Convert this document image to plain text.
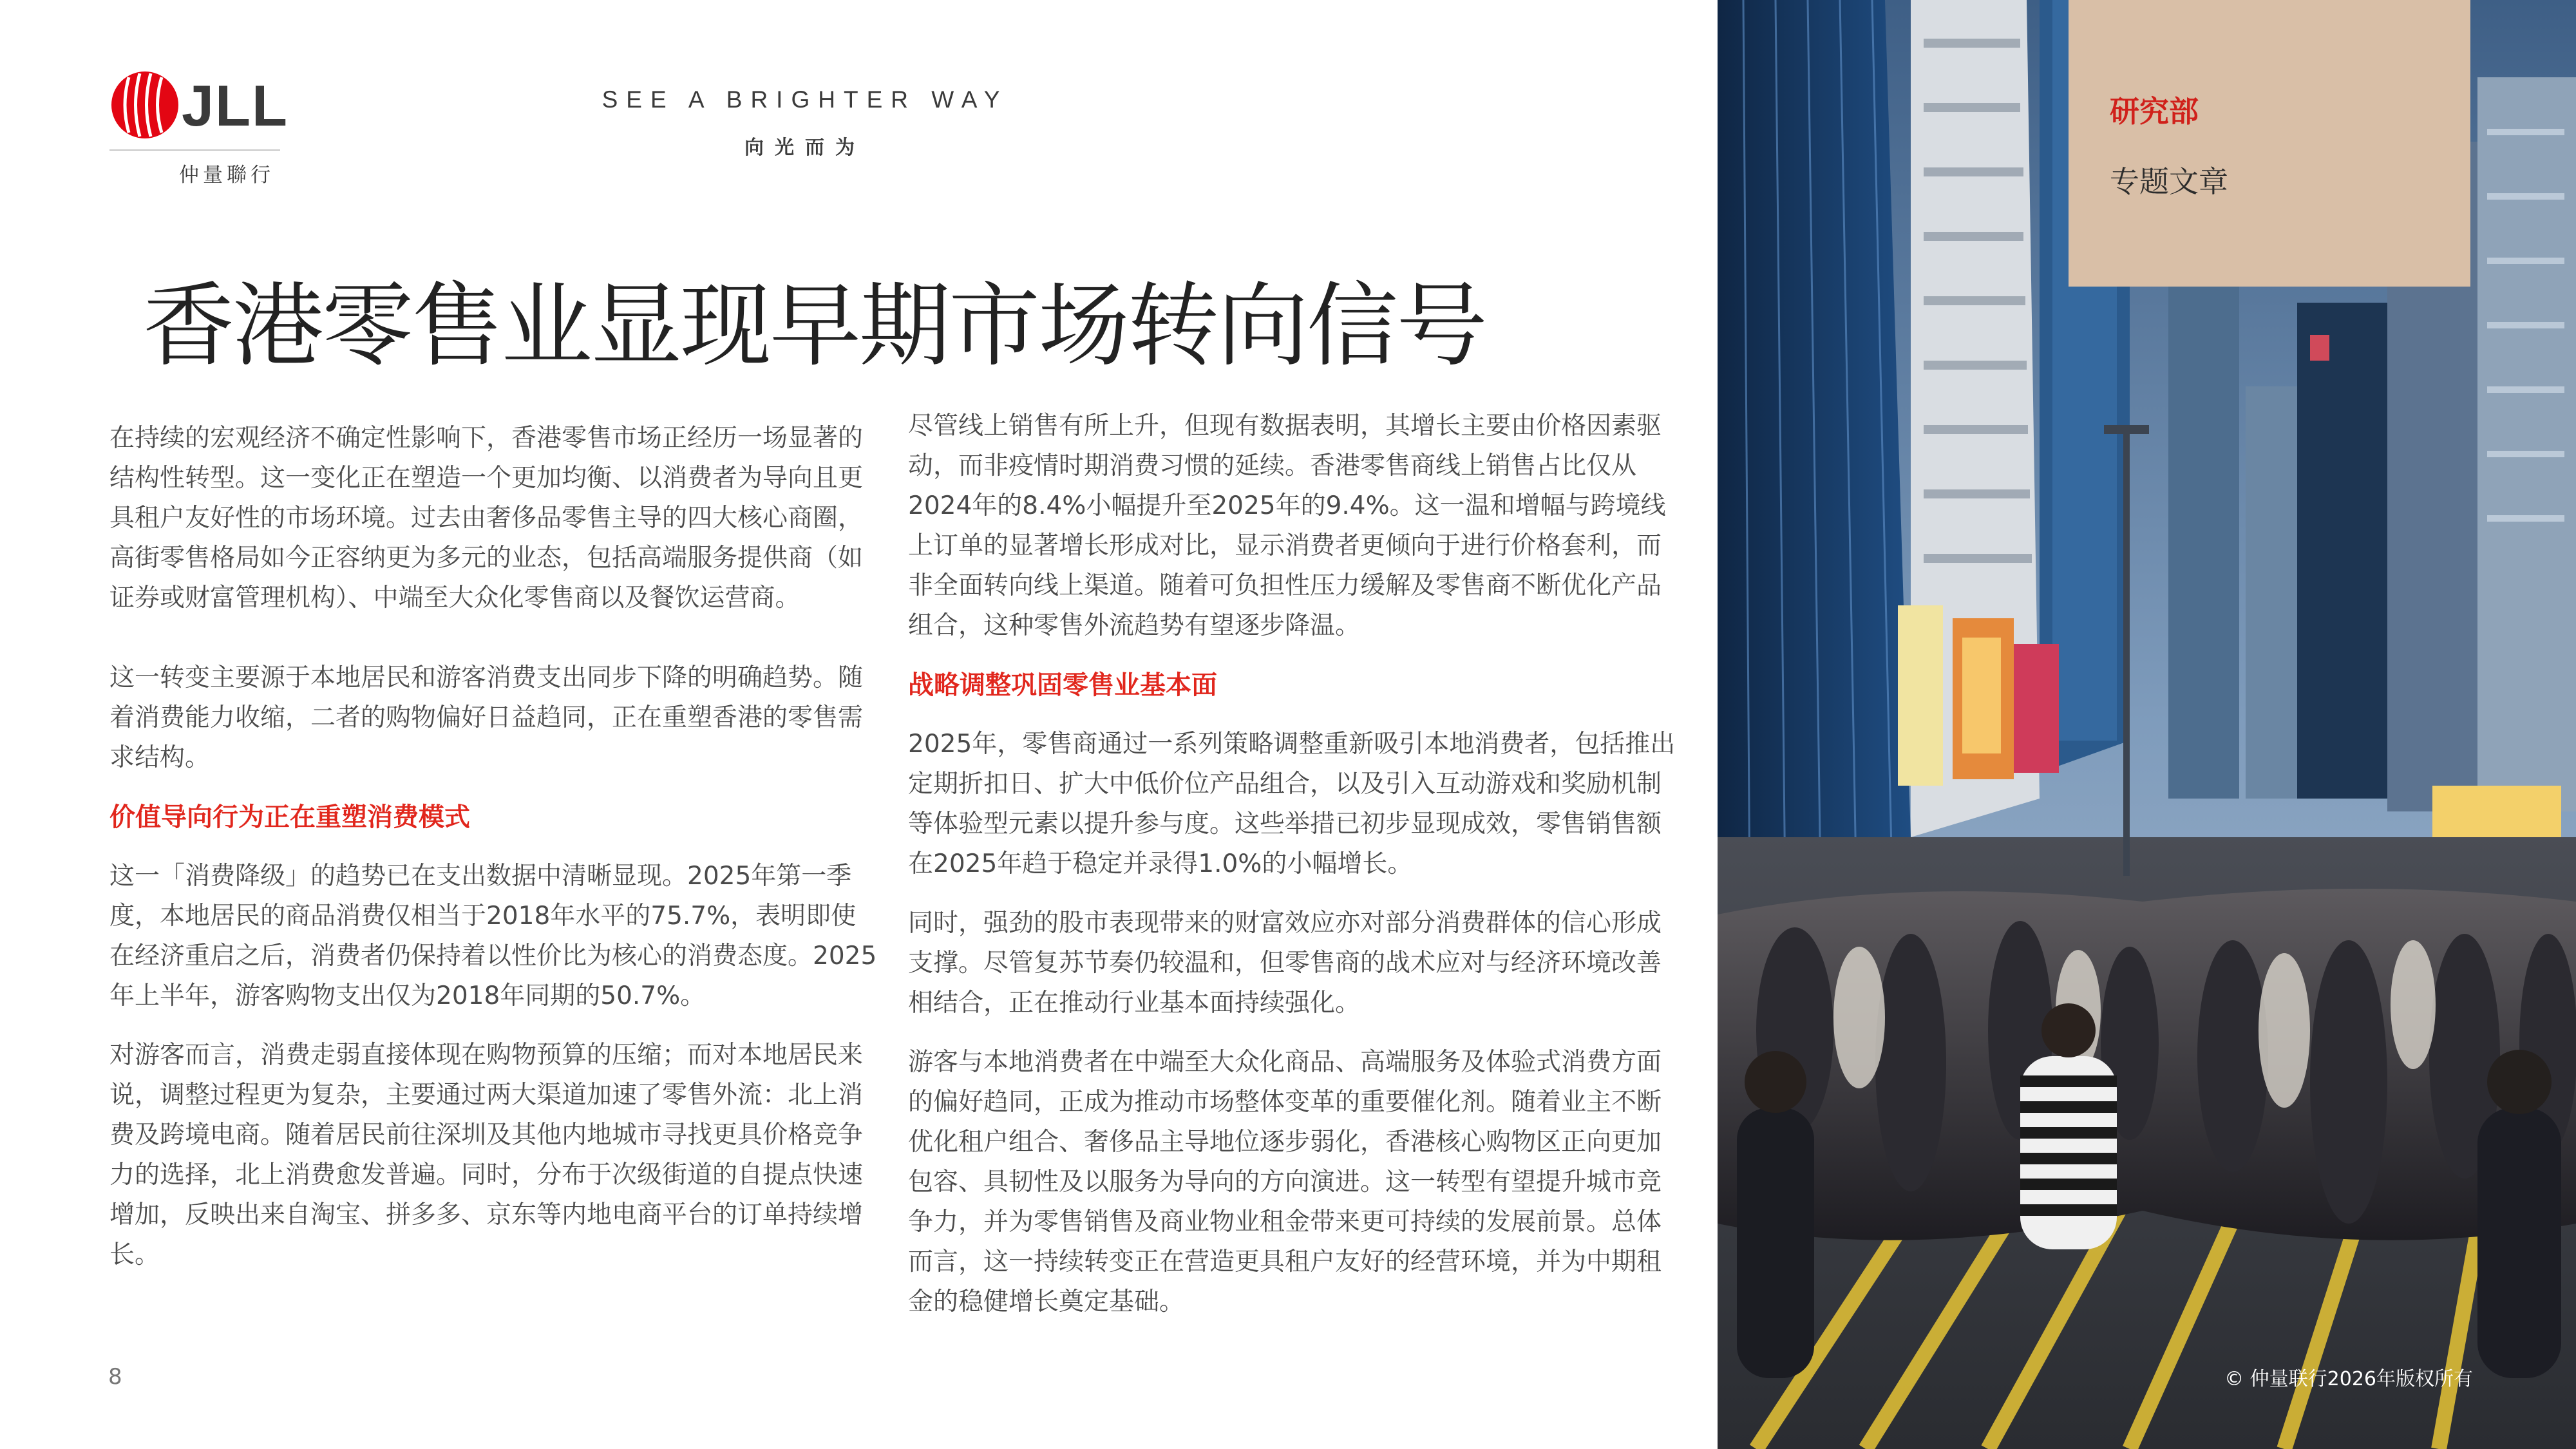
JLL
仲量聯行
SEE A BRIGHTER WAY
向光而为
香港零售业显现早期市场转向信号

在持续的宏观经济不确定性影响下，香港零售市场正经历一场显著的结构性转型。这一变化正在塑造一个更加均衡、以消费者为导向且更具租户友好性的市场环境。过去由奢侈品零售主导的四大核心商圈，高街零售格局如今正容纳更为多元的业态，包括高端服务提供商（如证券或财富管理机构）、中端至大众化零售商以及餐饮运营商。

这一转变主要源于本地居民和游客消费支出同步下降的明确趋势。随着消费能力收缩，二者的购物偏好日益趋同，正在重塑香港的零售需求结构。

价值导向行为正在重塑消费模式

这一「消费降级」的趋势已在支出数据中清晰显现。2025年第一季度，本地居民的商品消费仅相当于2018年水平的75.7%，表明即使在经济重启之后，消费者仍保持着以性价比为核心的消费态度。2025年上半年，游客购物支出仅为2018年同期的50.7%。

对游客而言，消费走弱直接体现在购物预算的压缩；而对本地居民来说，调整过程更为复杂，主要通过两大渠道加速了零售外流：北上消费及跨境电商。随着居民前往深圳及其他内地城市寻找更具价格竞争力的选择，北上消费愈发普遍。同时，分布于次级街道的自提点快速增加，反映出来自淘宝、拼多多、京东等内地电商平台的订单持续增长。

尽管线上销售有所上升，但现有数据表明，其增长主要由价格因素驱动，而非疫情时期消费习惯的延续。香港零售商线上销售占比仅从2024年的8.4%小幅提升至2025年的9.4%。这一温和增幅与跨境线上订单的显著增长形成对比，显示消费者更倾向于进行价格套利，而非全面转向线上渠道。随着可负担性压力缓解及零售商不断优化产品组合，这种零售外流趋势有望逐步降温。

战略调整巩固零售业基本面

2025年，零售商通过一系列策略调整重新吸引本地消费者，包括推出定期折扣日、扩大中低价位产品组合，以及引入互动游戏和奖励机制等体验型元素以提升参与度。这些举措已初步显现成效，零售销售额在2025年趋于稳定并录得1.0%的小幅增长。

同时，强劲的股市表现带来的财富效应亦对部分消费群体的信心形成支撑。尽管复苏节奏仍较温和，但零售商的战术应对与经济环境改善相结合，正在推动行业基本面持续强化。

游客与本地消费者在中端至大众化商品、高端服务及体验式消费方面的偏好趋同，正成为推动市场整体变革的重要催化剂。随着业主不断优化租户组合、奢侈品主导地位逐步弱化，香港核心购物区正向更加包容、具韧性及以服务为导向的方向演进。这一转型有望提升城市竞争力，并为零售销售及商业物业租金带来更可持续的发展前景。总体而言，这一持续转变正在营造更具租户友好的经营环境，并为中期租金的稳健增长奠定基础。

8
研究部
专题文章
© 仲量联行2026年版权所有
